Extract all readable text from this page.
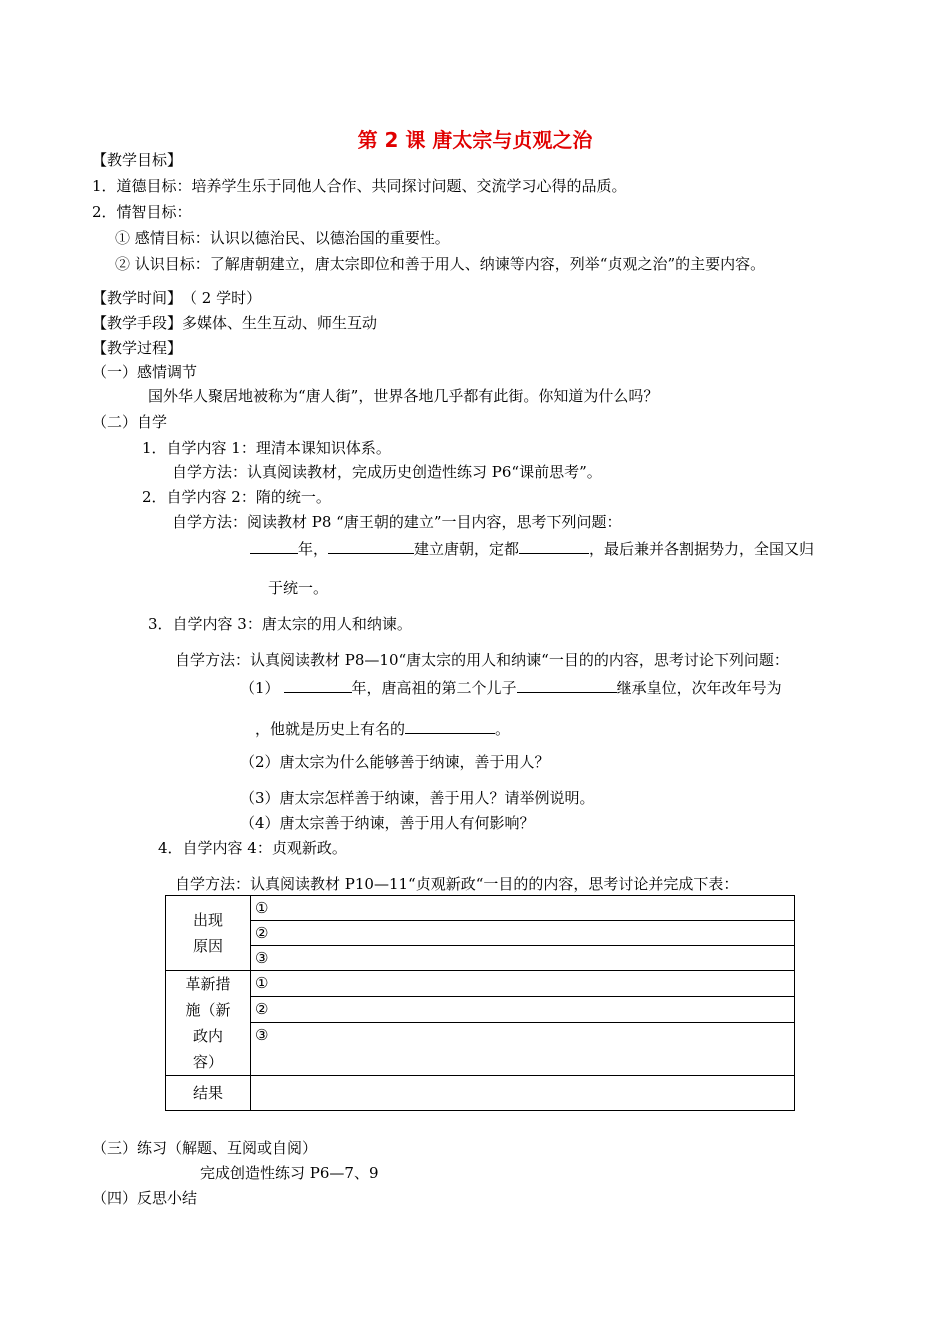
第 2 课 唐太宗与贞观之治
【教学目标】
1．道德目标：培养学生乐于同他人合作、共同探讨问题、交流学习心得的品质。
2．情智目标：
① 感情目标：认识以德治民、以德治国的重要性。
② 认识目标：了解唐朝建立，唐太宗即位和善于用人、纳谏等内容，列举“贞观之治”的主要内容。
【教学时间】　（ 2 学时）
【教学手段】多媒体、生生互动、师生互动
【教学过程】
（一）感情调节
国外华人聚居地被称为“唐人街”，世界各地几乎都有此街。你知道为什么吗？
（二）自学
1．自学内容 1：理清本课知识体系。
自学方法：认真阅读教材，完成历史创造性练习 P6“课前思考”。
2．自学内容 2：隋的统一。
自学方法：阅读教材 P8 “唐王朝的建立”一目内容，思考下列问题：
年，	建立唐朝，定都	，最后兼并各割据势力，全国又归
于统一。
3．自学内容 3：唐太宗的用人和纳谏。
自学方法：认真阅读教材 P8—10“唐太宗的用人和纳谏“一目的的内容，思考讨论下列问题：
（1）	年，唐高祖的第二个儿子	继承皇位，次年改年号为
，他就是历史上有名的	。
（2）唐太宗为什么能够善于纳谏，善于用人？
（3）唐太宗怎样善于纳谏，善于用人？请举例说明。
（4）唐太宗善于纳谏，善于用人有何影响？
4．自学内容 4：贞观新政。
自学方法：认真阅读教材 P10—11“贞观新政“一目的的内容，思考讨论并完成下表：
出现
原因	①
	②
	③

革新措
施（新
政内
容）	①
	②
	③
结果	
（三）练习（解题、互阅或自阅）
完成创造性练习 P6—7、9
（四）反思小结
